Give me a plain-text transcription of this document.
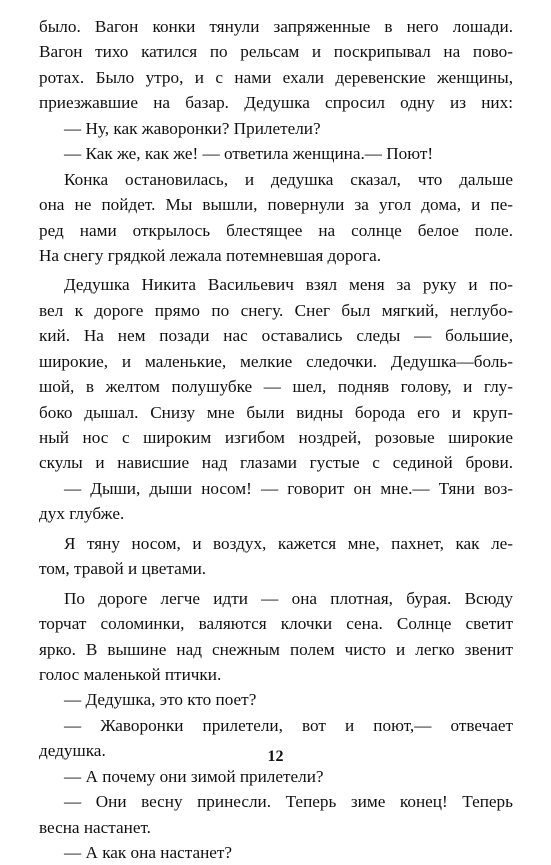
было. Вагон конки тянули запряженные в него лошади.
Вагон тихо катился по рельсам и поскрипывал на пово-
ротах. Было утро, и с нами ехали деревенские женщины,
приезжавшие на базар. Дедушка спросил одну из них:
— Ну, как жаворонки? Прилетели?
— Как же, как же! — ответила женщина.— Поют!
Конка остановилась, и дедушка сказал, что дальше
она не пойдет. Мы вышли, повернули за угол дома, и пе-
ред нами открылось блестящее на солнце белое поле.
На снегу грядкой лежала потемневшая дорога.
Дедушка Никита Васильевич взял меня за руку и по-
вел к дороге прямо по снегу. Снег был мягкий, неглубо-
кий. На нем позади нас оставались следы — большие,
широкие, и маленькие, мелкие следочки. Дедушка—боль-
шой, в желтом полушубке — шел, подняв голову, и глу-
боко дышал. Снизу мне были видны борода его и круп-
ный нос с широким изгибом ноздрей, розовые широкие
скулы и нависшие над глазами густые с сединой брови.
— Дыши, дыши носом! — говорит он мне.— Тяни воз-
дух глубже.
Я тяну носом, и воздух, кажется мне, пахнет, как ле-
том, травой и цветами.
По дороге легче идти — она плотная, бурая. Всюду
торчат соломинки, валяются клочки сена. Солнце светит
ярко. В вышине над снежным полем чисто и легко звенит
голос маленькой птички.
— Дедушка, это кто поет?
— Жаворонки прилетели, вот и поют,— отвечает
дедушка.
— А почему они зимой прилетели?
— Они весну принесли. Теперь зиме конец! Теперь
весна настанет.
— А как она настанет?
12
